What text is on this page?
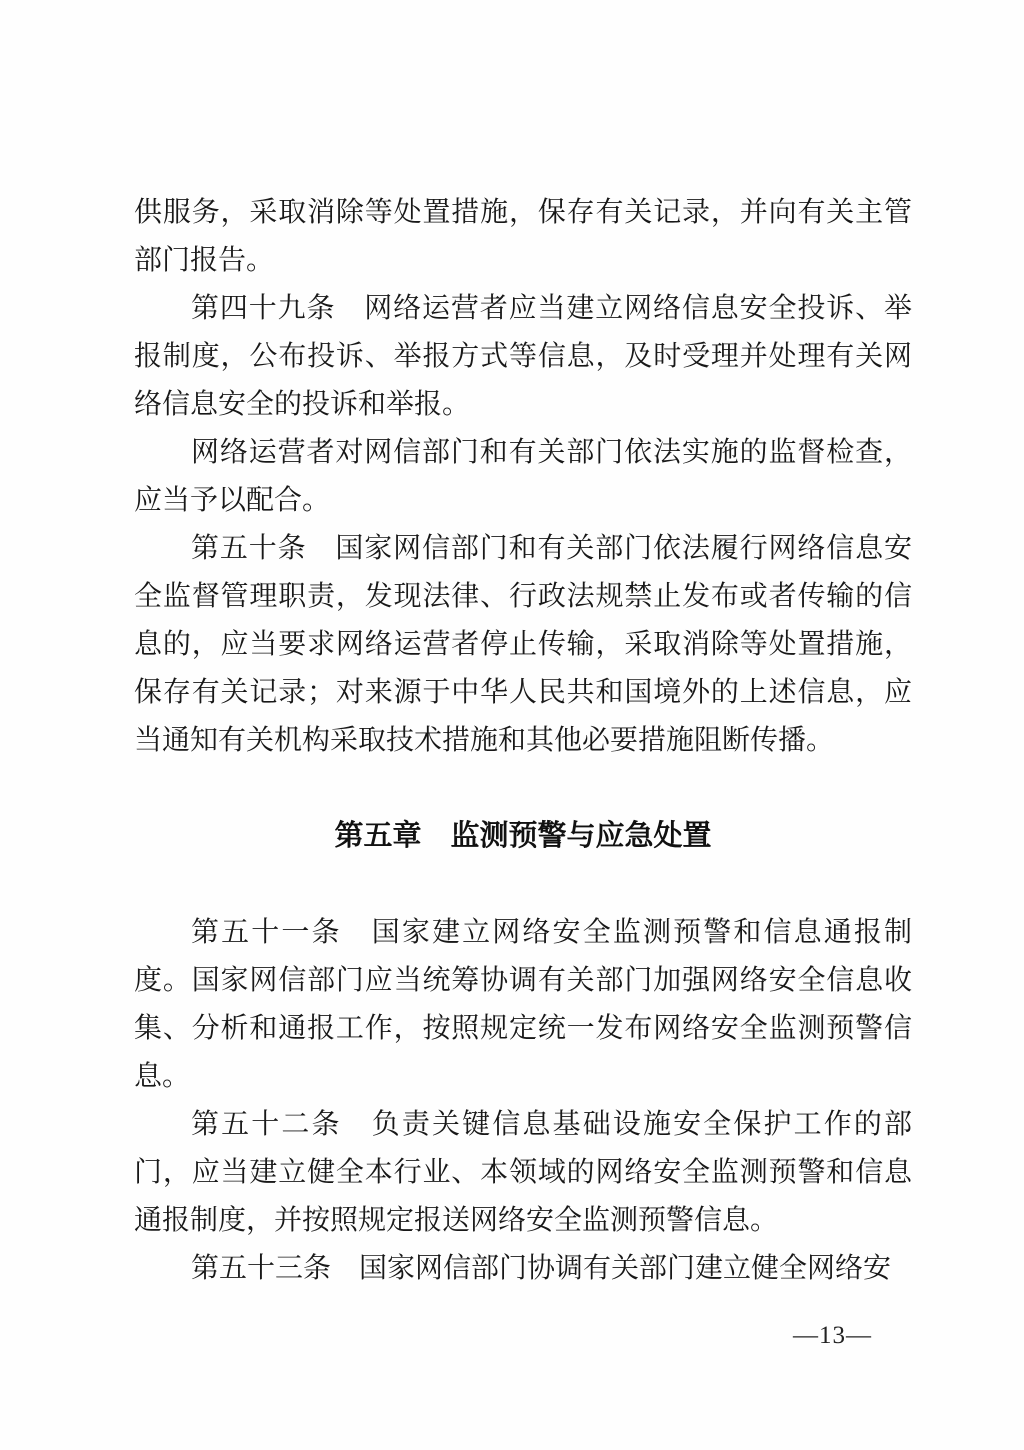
供服务，采取消除等处置措施，保存有关记录，并向有关主管部门报告。
第四十九条　网络运营者应当建立网络信息安全投诉、举报制度，公布投诉、举报方式等信息，及时受理并处理有关网络信息安全的投诉和举报。
网络运营者对网信部门和有关部门依法实施的监督检查，应当予以配合。
第五十条　国家网信部门和有关部门依法履行网络信息安全监督管理职责，发现法律、行政法规禁止发布或者传输的信息的，应当要求网络运营者停止传输，采取消除等处置措施，保存有关记录；对来源于中华人民共和国境外的上述信息，应当通知有关机构采取技术措施和其他必要措施阻断传播。
第五章　监测预警与应急处置
第五十一条　国家建立网络安全监测预警和信息通报制度。国家网信部门应当统筹协调有关部门加强网络安全信息收集、分析和通报工作，按照规定统一发布网络安全监测预警信息。
第五十二条　负责关键信息基础设施安全保护工作的部门，应当建立健全本行业、本领域的网络安全监测预警和信息通报制度，并按照规定报送网络安全监测预警信息。
第五十三条　国家网信部门协调有关部门建立健全网络安
—13—
